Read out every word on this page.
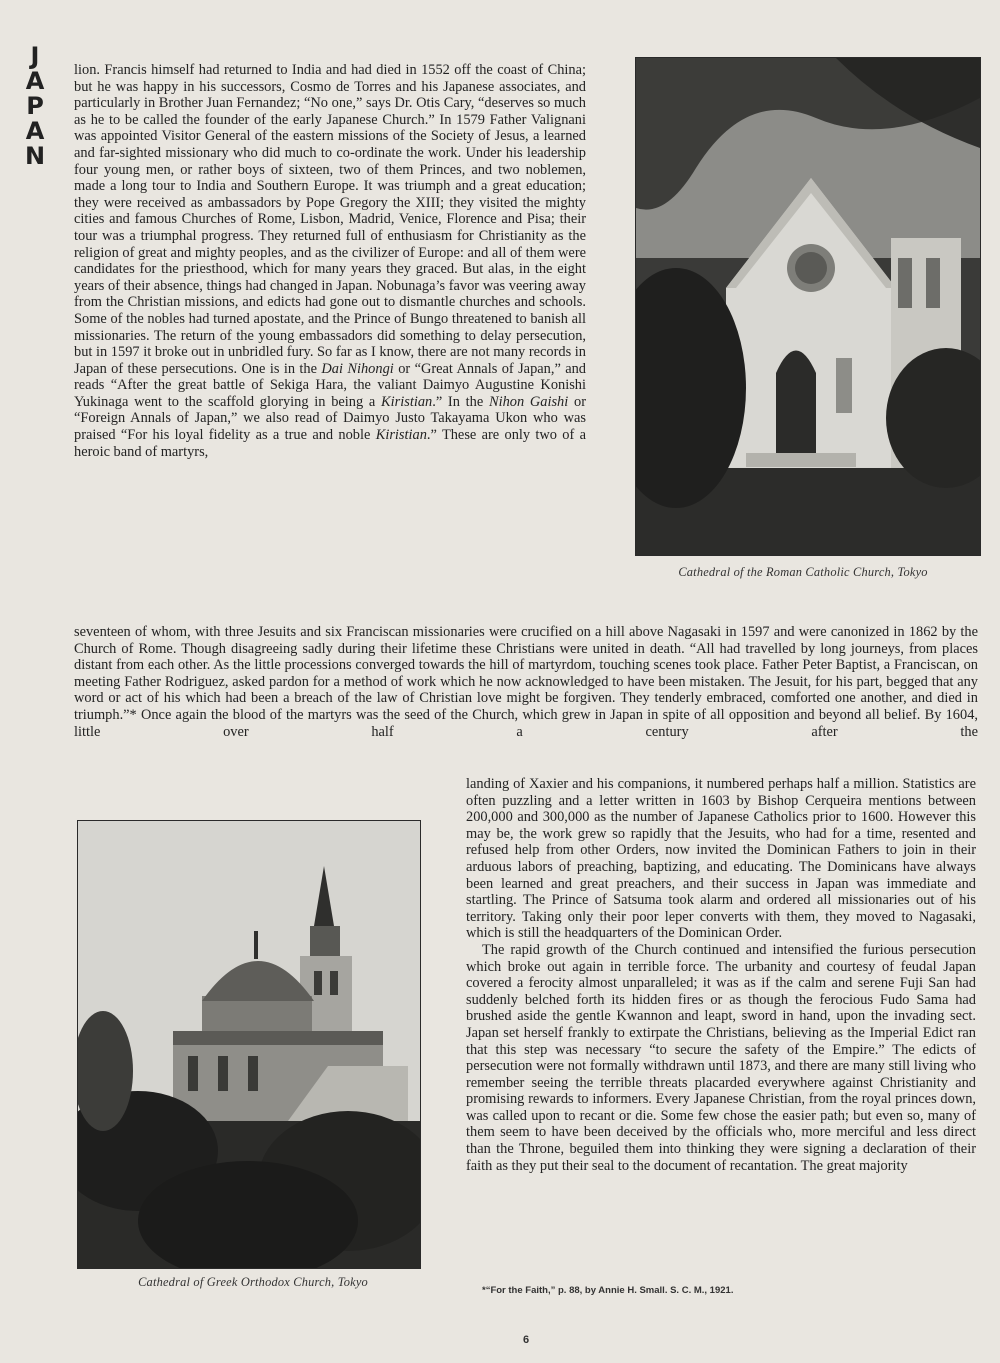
J
A
P
A
N

lion. Francis himself had returned to India and had died in 1552 off the coast of China; but he was happy in his successors, Cosmo de Torres and his Japanese associates, and particularly in Brother Juan Fernandez; “No one,” says Dr. Otis Cary, “deserves so much as he to be called the founder of the early Japanese Church.” In 1579 Father Valignani was appointed Visitor General of the eastern missions of the Society of Jesus, a learned and far-sighted missionary who did much to co-ordinate the work. Under his leadership four young men, or rather boys of sixteen, two of them Princes, and two noblemen, made a long tour to India and Southern Europe. It was triumph and a great education; they were received as ambassadors by Pope Gregory the XIII; they visited the mighty cities and famous Churches of Rome, Lisbon, Madrid, Venice, Florence and Pisa; their tour was a triumphal progress. They returned full of enthusiasm for Christianity as the religion of great and mighty peoples, and as the civilizer of Europe: and all of them were candidates for the priesthood, which for many years they graced. But alas, in the eight years of their absence, things had changed in Japan. Nobunaga’s favor was veering away from the Christian missions, and edicts had gone out to dismantle churches and schools. Some of the nobles had turned apostate, and the Prince of Bungo threatened to banish all missionaries. The return of the young embassadors did something to delay persecution, but in 1597 it broke out in unbridled fury. So far as I know, there are not many records in Japan of these persecutions. One is in the Dai Nihongi or “Great Annals of Japan,” and reads “After the great battle of Sekiga Hara, the valiant Daimyo Augustine Konishi Yukinaga went to the scaffold glorying in being a Kiristian.” In the Nihon Gaishi or “Foreign Annals of Japan,” we also read of Daimyo Justo Takayama Ukon who was praised “For his loyal fidelity as a true and noble Kiristian.” These are only two of a heroic band of martyrs,

seventeen of whom, with three Jesuits and six Franciscan missionaries were crucified on a hill above Nagasaki in 1597 and were canonized in 1862 by the Church of Rome. Though disagreeing sadly during their lifetime these Christians were united in death. “All had travelled by long journeys, from places distant from each other. As the little processions converged towards the hill of martyrdom, touching scenes took place. Father Peter Baptist, a Franciscan, on meeting Father Rodriguez, asked pardon for a method of work which he now acknowledged to have been mistaken. The Jesuit, for his part, begged that any word or act of his which had been a breach of the law of Christian love might be forgiven. They tenderly embraced, comforted one another, and died in triumph.”* Once again the blood of the martyrs was the seed of the Church, which grew in Japan in spite of all opposition and beyond all belief. By 1604, little over half a century after the

landing of Xaxier and his companions, it numbered perhaps half a million. Statistics are often puzzling and a letter written in 1603 by Bishop Cerqueira mentions between 200,000 and 300,000 as the number of Japanese Catholics prior to 1600. However this may be, the work grew so rapidly that the Jesuits, who had for a time, resented and refused help from other Orders, now invited the Dominican Fathers to join in their arduous labors of preaching, baptizing, and educating. The Dominicans have always been learned and great preachers, and their success in Japan was immediate and startling. The Prince of Satsuma took alarm and ordered all missionaries out of his territory. Taking only their poor leper converts with them, they moved to Nagasaki, which is still the headquarters of the Dominican Order.

The rapid growth of the Church continued and intensified the furious persecution which broke out again in terrible force. The urbanity and courtesy of feudal Japan covered a ferocity almost unparalleled; it was as if the calm and serene Fuji San had suddenly belched forth its hidden fires or as though the ferocious Fudo Sama had brushed aside the gentle Kwannon and leapt, sword in hand, upon the invading sect. Japan set herself frankly to extirpate the Christians, believing as the Imperial Edict ran that this step was necessary “to secure the safety of the Empire.” The edicts of persecution were not formally withdrawn until 1873, and there are many still living who remember seeing the terrible threats placarded everywhere against Christianity and promising rewards to informers. Every Japanese Christian, from the royal princes down, was called upon to recant or die. Some few chose the easier path; but even so, many of them seem to have been deceived by the officials who, more merciful and less direct than the Throne, beguiled them into thinking they were signing a declaration of their faith as they put their seal to the document of recantation. The great majority

Cathedral of the Roman Catholic Church, Tokyo
Cathedral of Greek Orthodox Church, Tokyo
*“For the Faith,” p. 88, by Annie H. Small. S. C. M., 1921.
6
